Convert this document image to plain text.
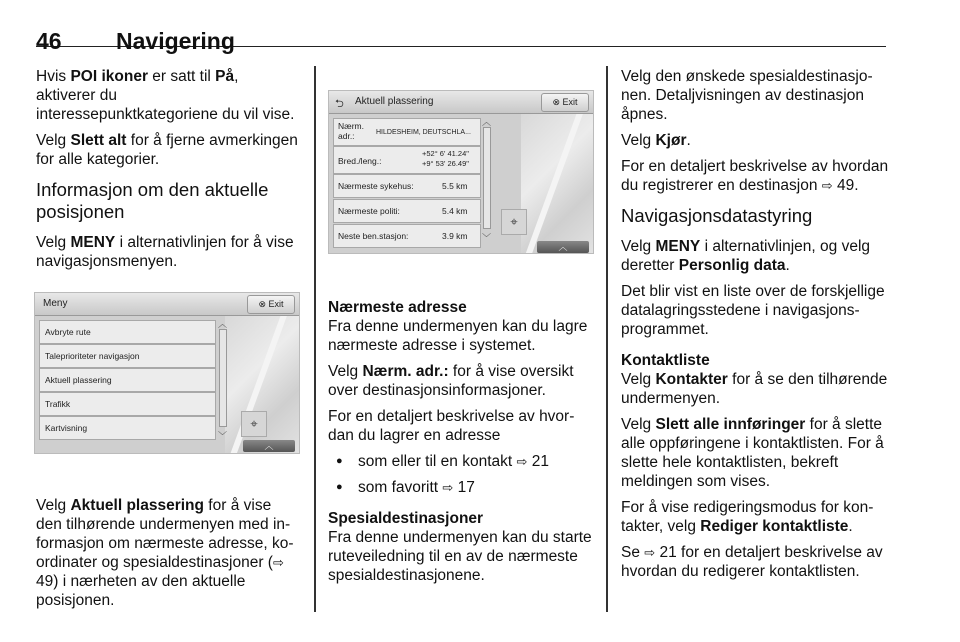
46 Navigering

Hvis POI ikoner er satt til På, aktiverer du interessepunktkategoriene du vil vise.

Velg Slett alt for å fjerne avmerkingen for alle kategorier.

Informasjon om den aktuelle posisjonen

Velg MENY i alternativlinjen for å vise navigasjonsmenyen.

Meny	⊗ Exit
Avbryte rute
Taleprioriteter navigasjon
Aktuell plassering
Trafikk
Kartvisning
︿
﹀
⌖
︿

Velg Aktuell plassering for å vise den tilhørende undermenyen med informasjon om nærmeste adresse, koordinater og spesialdestinasjoner (⇨ 49) i nærheten av den aktuelle posisjonen.

⮌ Aktuell plassering	⊗ Exit
Nærm. adr.:	HILDESHEIM, DEUTSCHLA...
Bred./leng.:
+52° 6' 41.24" +9° 53' 26.49"
Nærmeste sykehus:	5.5 km
Nærmeste politi:	5.4 km
Neste ben.stasjon:	3.9 km
︿
﹀
⌖
︿
Nærmeste adresse

Fra denne undermenyen kan du lagre nærmeste adresse i systemet.

Velg Nærm. adr.: for å vise oversikt over destinasjonsinformasjoner.

For en detaljert beskrivelse av hvordan du lagrer en adresse

● som eller til en kontakt ⇨ 21
● som favoritt ⇨ 17
Spesialdestinasjoner

Fra denne undermenyen kan du starte ruteveiledning til en av de nærmeste spesialdestinasjonene.

Velg den ønskede spesialdestinasjonen. Detaljvisningen av destinasjon åpnes.

Velg Kjør.

For en detaljert beskrivelse av hvordan du registrerer en destinasjon ⇨ 49.

Navigasjonsdatastyring

Velg MENY i alternativlinjen, og velg deretter Personlig data.

Det blir vist en liste over de forskjellige datalagringsstedene i navigasjonsprogrammet.

Kontaktliste

Velg Kontakter for å se den tilhørende undermenyen.

Velg Slett alle innføringer for å slette alle oppføringene i kontaktlisten. For å slette hele kontaktlisten, bekreft meldingen som vises.

For å vise redigeringsmodus for kontakter, velg Rediger kontaktliste.

Se ⇨ 21 for en detaljert beskrivelse av hvordan du redigerer kontaktlisten.
